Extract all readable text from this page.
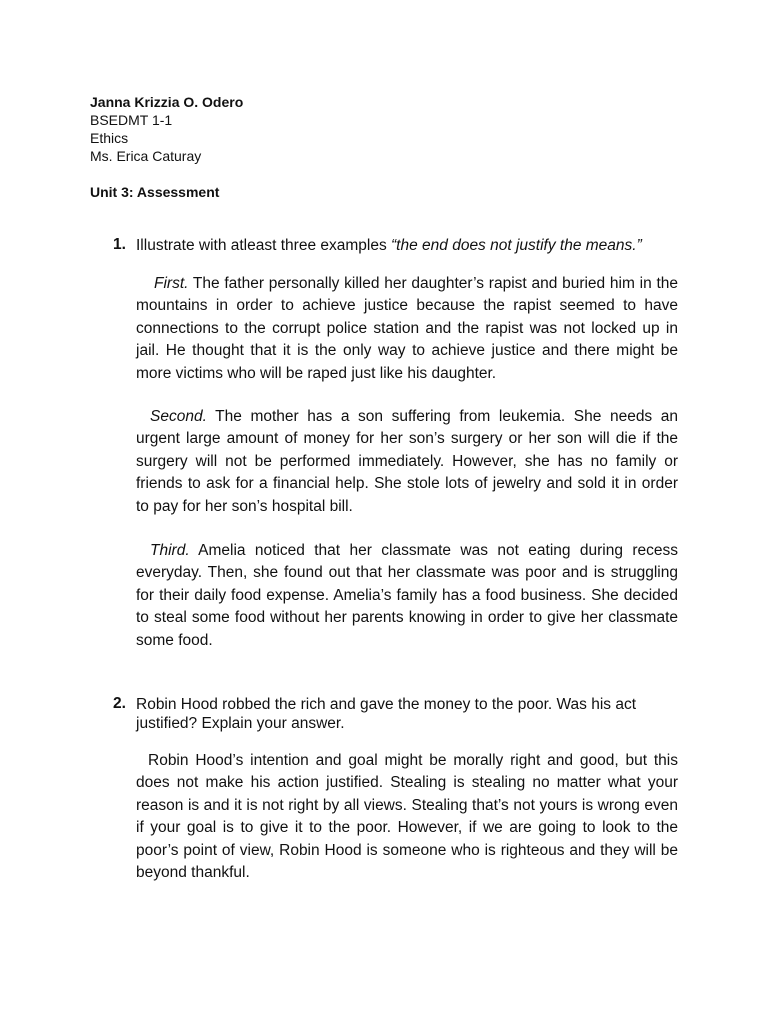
Janna Krizzia O. Odero
BSEDMT 1-1
Ethics
Ms. Erica Caturay
Unit 3: Assessment
1. Illustrate with atleast three examples “the end does not justify the means.”

First. The father personally killed her daughter’s rapist and buried him in the mountains in order to achieve justice because the rapist seemed to have connections to the corrupt police station and the rapist was not locked up in jail. He thought that it is the only way to achieve justice and there might be more victims who will be raped just like his daughter.

Second. The mother has a son suffering from leukemia. She needs an urgent large amount of money for her son’s surgery or her son will die if the surgery will not be performed immediately. However, she has no family or friends to ask for a financial help. She stole lots of jewelry and sold it in order to pay for her son’s hospital bill.

Third. Amelia noticed that her classmate was not eating during recess everyday. Then, she found out that her classmate was poor and is struggling for their daily food expense. Amelia’s family has a food business. She decided to steal some food without her parents knowing in order to give her classmate some food.

2. Robin Hood robbed the rich and gave the money to the poor. Was his act justified? Explain your answer.

Robin Hood’s intention and goal might be morally right and good, but this does not make his action justified. Stealing is stealing no matter what your reason is and it is not right by all views. Stealing that’s not yours is wrong even if your goal is to give it to the poor. However, if we are going to look to the poor’s point of view, Robin Hood is someone who is righteous and they will be beyond thankful.
